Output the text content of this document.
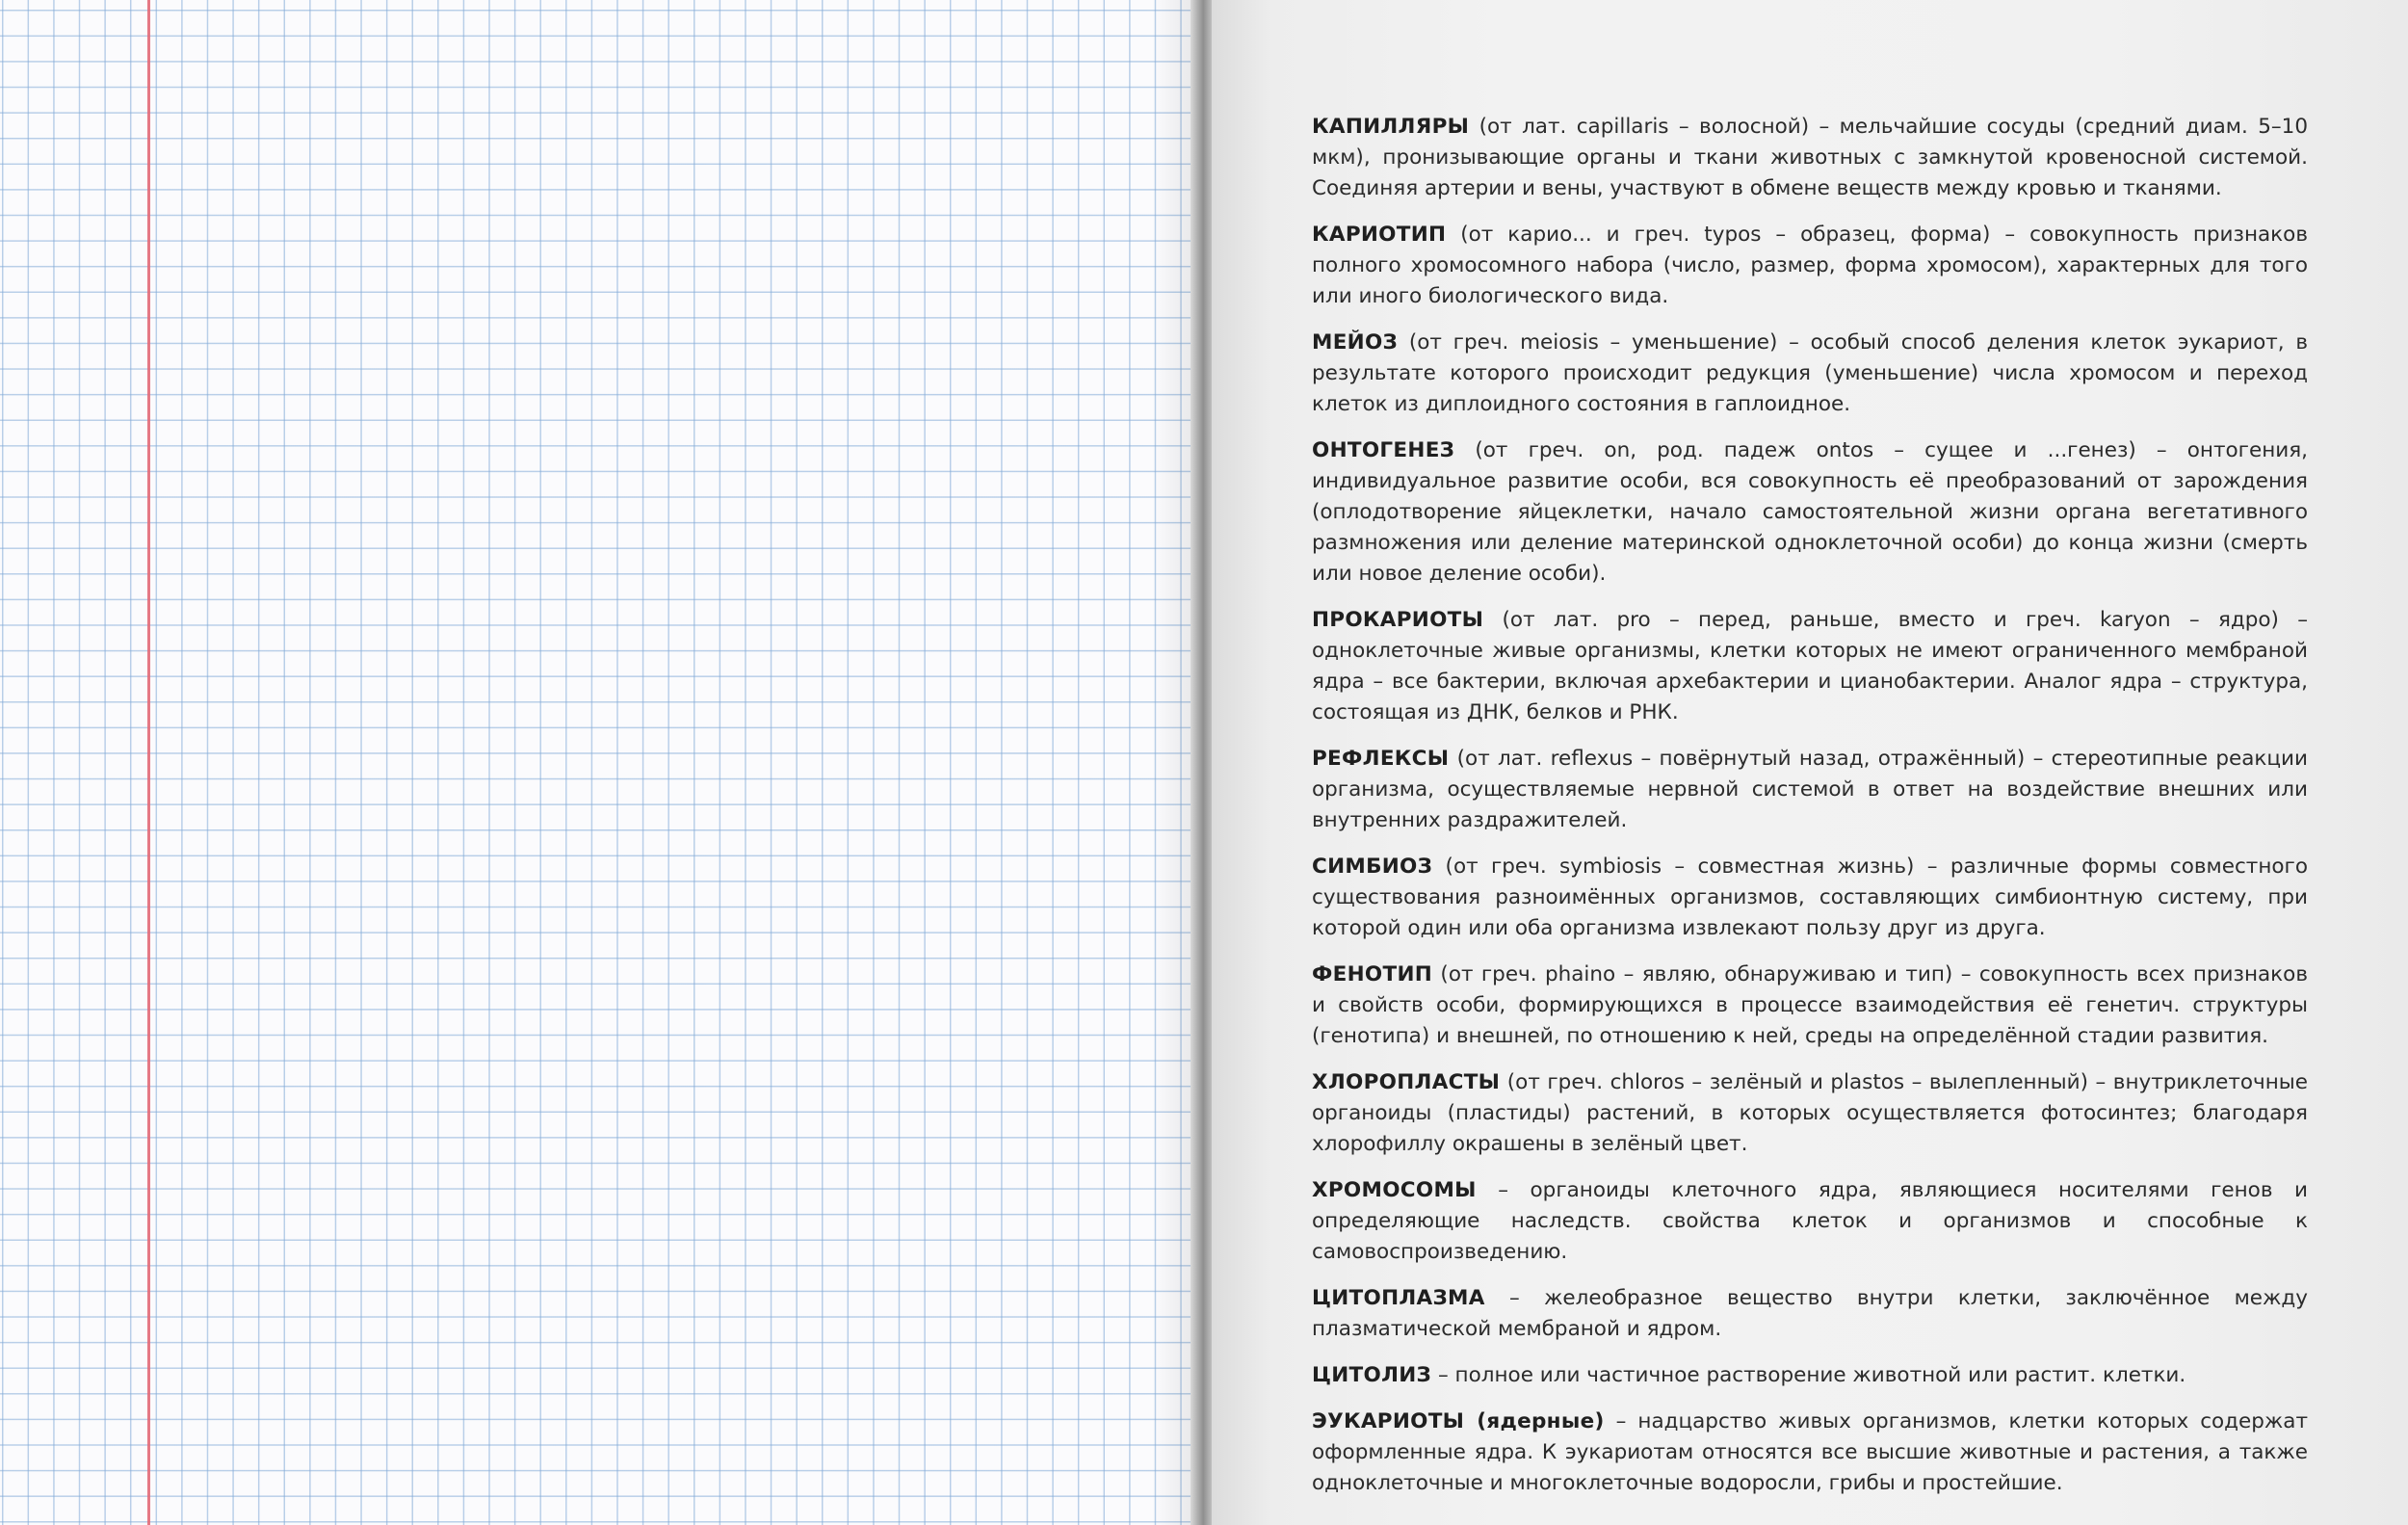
КАПИЛЛЯРЫ (от лат. capillaris – волосной) – мельчайшие сосуды (средний диам. 5–10 мкм), пронизывающие органы и ткани животных с замкнутой кровеносной системой. Соединяя артерии и вены, участвуют в обмене веществ между кровью и тканями.

КАРИОТИП (от карио... и греч. typos – образец, форма) – совокупность признаков полного хромосомного набора (число, размер, форма хромосом), характерных для того или иного биологического вида.

МЕЙОЗ (от греч. meiosis – уменьшение) – особый способ деления клеток эукариот, в результате которого происходит редукция (уменьшение) числа хромосом и переход клеток из диплоидного состояния в гаплоидное.

ОНТОГЕНЕЗ (от греч. on, род. падеж ontos – сущее и ...генез) – онтогения, индивидуальное развитие особи, вся совокупность её преобразований от зарождения (оплодотворение яйцеклетки, начало самостоятельной жизни органа вегетативного размножения или деление материнской одноклеточной особи) до конца жизни (смерть или новое деление особи).

ПРОКАРИОТЫ (от лат. pro – перед, раньше, вместо и греч. karyon – ядро) – одноклеточные живые организмы, клетки которых не имеют ограниченного мембраной ядра – все бактерии, включая архебактерии и цианобактерии. Аналог ядра – структура, состоящая из ДНК, белков и РНК.

РЕФЛЕКСЫ (от лат. reflexus – повёрнутый назад, отражённый) – стереотипные реакции организма, осуществляемые нервной системой в ответ на воздействие внешних или внутренних раздражителей.

СИМБИОЗ (от греч. symbiosis – совместная жизнь) – различные формы совместного существования разноимённых организмов, составляющих симбионтную систему, при которой один или оба организма извлекают пользу друг из друга.

ФЕНОТИП (от греч. phaino – являю, обнаруживаю и тип) – совокупность всех признаков и свойств особи, формирующихся в процессе взаимодействия её генетич. структуры (генотипа) и внешней, по отношению к ней, среды на определённой стадии развития.

ХЛОРОПЛАСТЫ (от греч. chloros – зелёный и plastos – вылепленный) – внутриклеточные органоиды (пластиды) растений, в которых осуществляется фотосинтез; благодаря хлорофиллу окрашены в зелёный цвет.

ХРОМОСОМЫ – органоиды клеточного ядра, являющиеся носителями генов и определяющие наследств. свойства клеток и организмов и способные к самовоспроизведению.

ЦИТОПЛАЗМА – желеобразное вещество внутри клетки, заключённое между плазматической мембраной и ядром.

ЦИТОЛИЗ – полное или частичное растворение животной или растит. клетки.

ЭУКАРИОТЫ (ядерные) – надцарство живых организмов, клетки которых содержат оформленные ядра. К эукариотам относятся все высшие животные и растения, а также одноклеточные и многоклеточные водоросли, грибы и простейшие.
